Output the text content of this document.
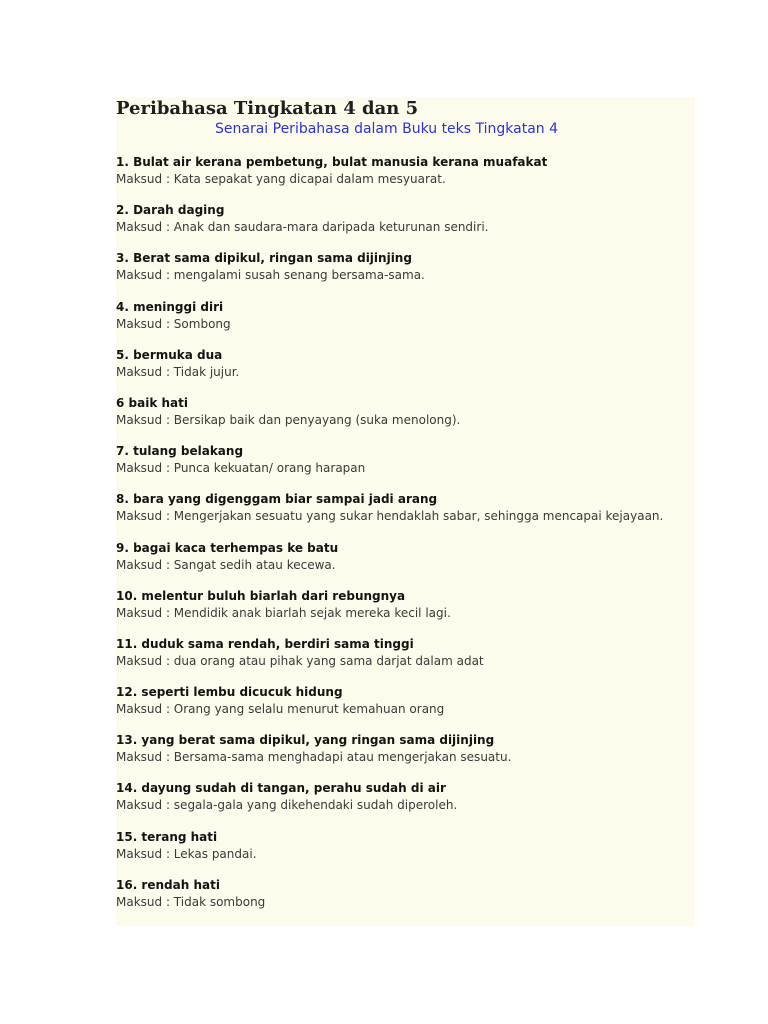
Peribahasa Tingkatan 4 dan 5

Senarai Peribahasa dalam Buku teks Tingkatan 4

1. Bulat air kerana pembetung, bulat manusia kerana muafakat
Maksud : Kata sepakat yang dicapai dalam mesyuarat.
2. Darah daging
Maksud : Anak dan saudara-mara daripada keturunan sendiri.
3. Berat sama dipikul, ringan sama dijinjing
Maksud : mengalami susah senang bersama-sama.
4. meninggi diri
Maksud : Sombong
5. bermuka dua
Maksud : Tidak jujur.
6 baik hati
Maksud : Bersikap baik dan penyayang (suka menolong).
7. tulang belakang
Maksud : Punca kekuatan/ orang harapan
8. bara yang digenggam biar sampai jadi arang
Maksud : Mengerjakan sesuatu yang sukar hendaklah sabar, sehingga mencapai kejayaan.
9. bagai kaca terhempas ke batu
Maksud : Sangat sedih atau kecewa.
10. melentur buluh biarlah dari rebungnya
Maksud : Mendidik anak biarlah sejak mereka kecil lagi.
11. duduk sama rendah, berdiri sama tinggi
Maksud : dua orang atau pihak yang sama darjat dalam adat
12. seperti lembu dicucuk hidung
Maksud : Orang yang selalu menurut kemahuan orang
13. yang berat sama dipikul, yang ringan sama dijinjing
Maksud : Bersama-sama menghadapi atau mengerjakan sesuatu.
14. dayung sudah di tangan, perahu sudah di air
Maksud : segala-gala yang dikehendaki sudah diperoleh.
15. terang hati
Maksud : Lekas pandai.
16. rendah hati
Maksud : Tidak sombong
